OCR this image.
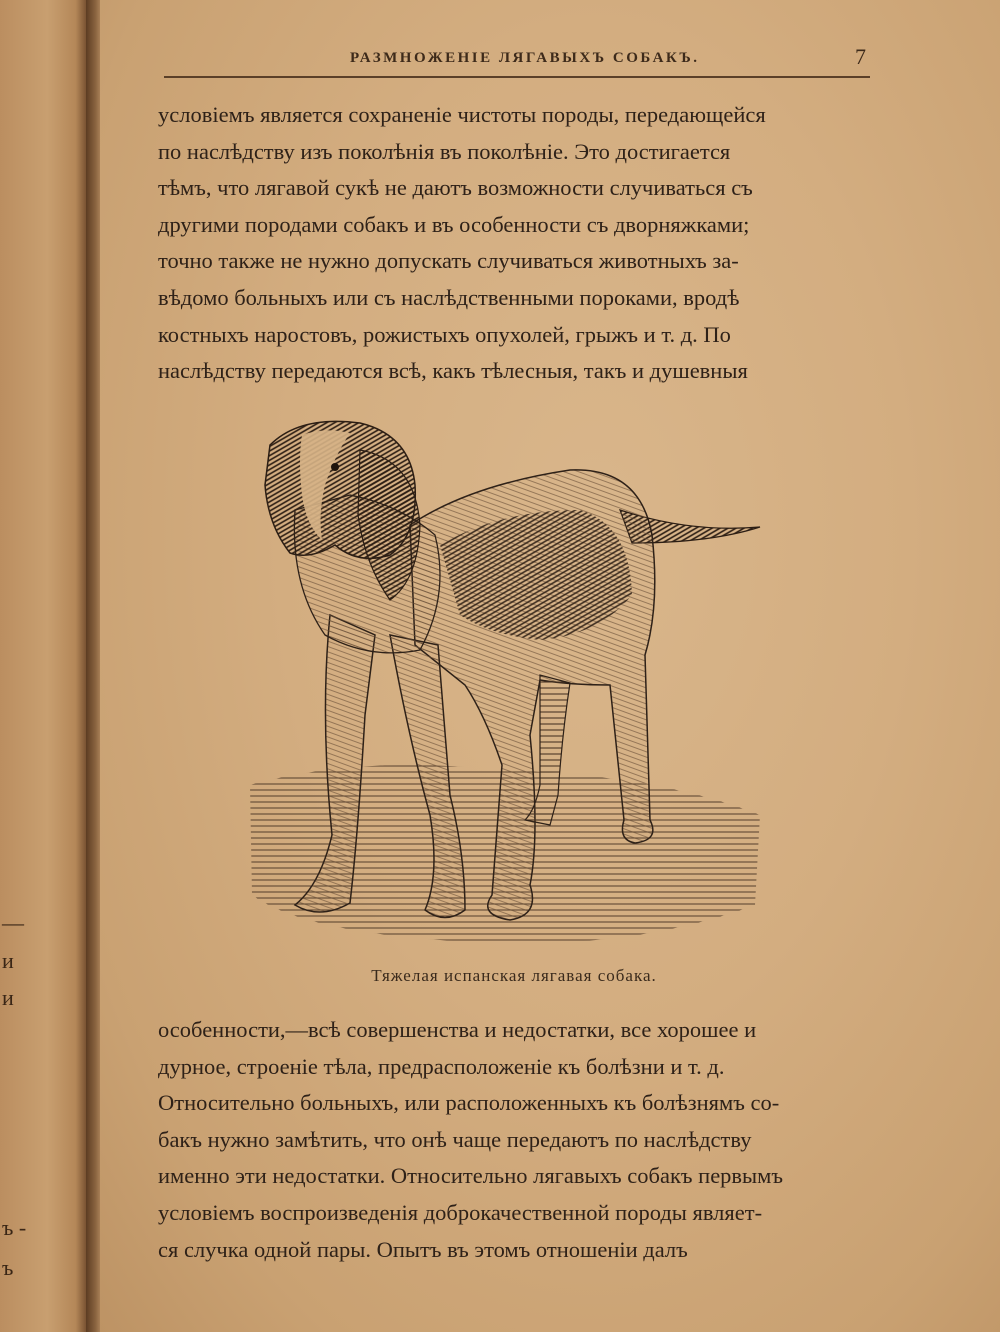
—
и
и
ъ -
ъ
РАЗМНОЖЕНІЕ ЛЯГАВЫХЪ СОБАКЪ.	7
условіемъ является сохраненіе чистоты породы, передающейся
по наслѣдству изъ поколѣнія въ поколѣніе. Это достигается
тѣмъ, что лягавой сукѣ не даютъ возможности случиваться съ
другими породами собакъ и въ особенности съ дворняжками;
точно также не нужно допускать случиваться животныхъ за-
вѣдомо больныхъ или съ наслѣдственными пороками, вродѣ
костныхъ наростовъ, рожистыхъ опухолей, грыжъ и т. д. По
наслѣдству передаются всѣ, какъ тѣлесныя, такъ и душевныя
Тяжелая испанская лягавая собака.
особенности,—всѣ совершенства и недостатки, все хорошее и
дурное, строеніе тѣла, предрасположеніе къ болѣзни и т. д.
Относительно больныхъ, или расположенныхъ къ болѣзнямъ со-
бакъ нужно замѣтить, что онѣ чаще передаютъ по наслѣдству
именно эти недостатки. Относительно лягавыхъ собакъ первымъ
условіемъ воспроизведенія доброкачественной породы являет-
ся случка одной пары. Опытъ въ этомъ отношеніи далъ
